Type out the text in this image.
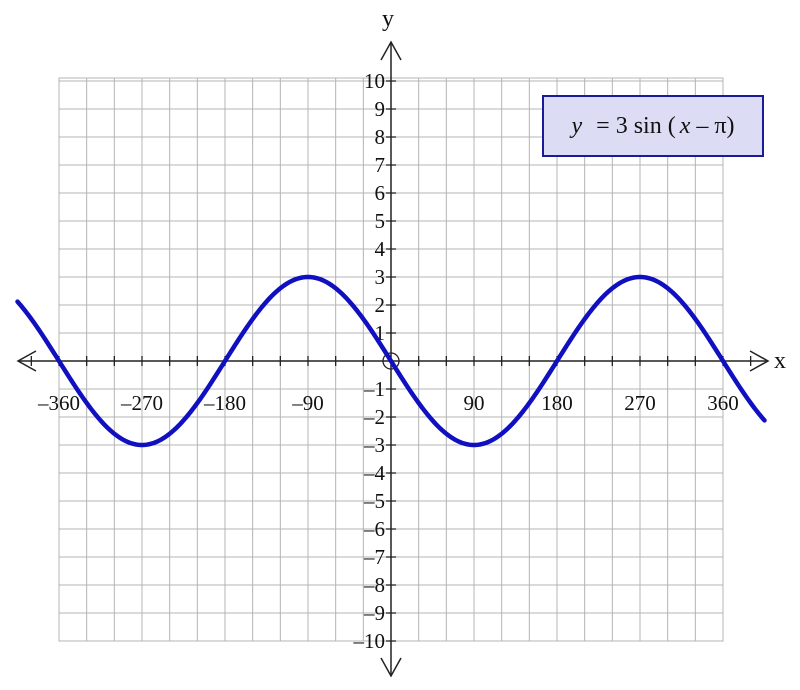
–360 –270 –180 –90	90	180 270 360
10
9
8
7
6
5
4
3
2
1
–1
–2
–3
–4
–5
–6
–7
–8
–9
–10
x
y
y = 3 sin ( x – π)
